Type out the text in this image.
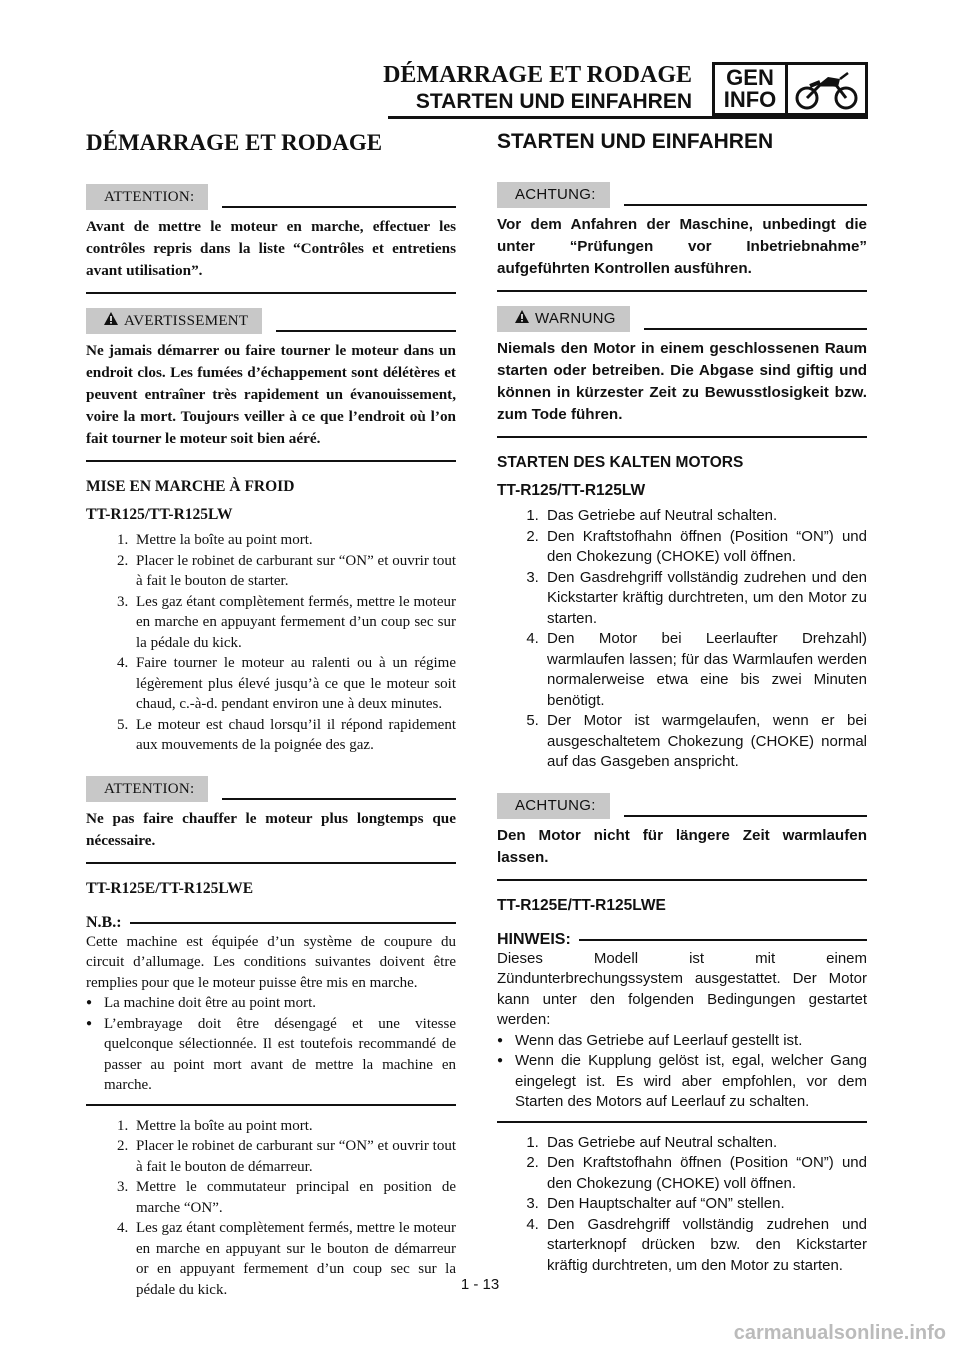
DÉMARRAGE ET RODAGE
STARTEN UND EINFAHREN
GEN
INFO
DÉMARRAGE ET RODAGE
ATTENTION:
Avant de mettre le moteur en marche, effectuer les contrôles repris dans la liste “Contrôles et entretiens avant utilisation”.
AVERTISSEMENT
Ne jamais démarrer ou faire tourner le moteur dans un endroit clos. Les fumées d’échappement sont délétères et peuvent entraîner très rapidement un évanouissement, voire la mort. Toujours veiller à ce que l’endroit où l’on fait tourner le moteur soit bien aéré.
MISE EN MARCHE À FROID
TT-R125/TT-R125LW
1. Mettre la boîte au point mort.
2. Placer le robinet de carburant sur “ON” et ouvrir tout à fait le bouton de starter.
3. Les gaz étant complètement fermés, mettre le moteur en marche en appuyant fermement d’un coup sec sur la pédale du kick.
4. Faire tourner le moteur au ralenti ou à un régime légèrement plus élevé jusqu’à ce que le moteur soit chaud, c.-à-d. pendant environ une à deux minutes.
5. Le moteur est chaud lorsqu’il il répond rapidement aux mouvements de la poignée des gaz.
ATTENTION:
Ne pas faire chauffer le moteur plus longtemps que nécessaire.
TT-R125E/TT-R125LWE
N.B.:
Cette machine est équipée d’un système de coupure du circuit d’allumage. Les conditions suivantes doivent être remplies pour que le moteur puisse être mis en marche.
● La machine doit être au point mort.
● L’embrayage doit être désengagé et une vitesse quelconque sélectionnée. Il est toutefois recommandé de passer au point mort avant de mettre la machine en marche.
1. Mettre la boîte au point mort.
2. Placer le robinet de carburant sur “ON” et ouvrir tout à fait le bouton de démarreur.
3. Mettre le commutateur principal en position de marche “ON”.
4. Les gaz étant complètement fermés, mettre le moteur en marche en appuyant sur le bouton de démarreur or en appuyant fermement d’un coup sec sur la pédale du kick.
STARTEN UND EINFAHREN
ACHTUNG:
Vor dem Anfahren der Maschine, unbedingt die unter “Prüfungen vor Inbetriebnahme” aufgeführten Kontrollen ausführen.
WARNUNG
Niemals den Motor in einem geschlossenen Raum starten oder betreiben. Die Abgase sind giftig und können in kürzester Zeit zu Bewusstlosigkeit bzw. zum Tode führen.
STARTEN DES KALTEN MOTORS
TT-R125/TT-R125LW
1. Das Getriebe auf Neutral schalten.
2. Den Kraftstofhahn öffnen (Position “ON”) und den Chokezung (CHOKE) voll öffnen.
3. Den Gasdrehgriff vollständig zudrehen und den Kickstarter kräftig durchtreten, um den Motor zu starten.
4. Den Motor bei Leerlaufter Drehzahl) warmlaufen lassen; für das Warmlaufen werden normalerweise etwa eine bis zwei Minuten benötigt.
5. Der Motor ist warmgelaufen, wenn er bei ausgeschaltetem Chokezung (CHOKE) normal auf das Gasgeben anspricht.
ACHTUNG:
Den Motor nicht für längere Zeit warmlaufen lassen.
TT-R125E/TT-R125LWE
HINWEIS:
Dieses Modell ist mit einem Zündunterbrechungssystem ausgestattet. Der Motor kann unter den folgenden Bedingungen gestartet werden:
● Wenn das Getriebe auf Leerlauf gestellt ist.
● Wenn die Kupplung gelöst ist, egal, welcher Gang eingelegt ist. Es wird aber empfohlen, vor dem Starten des Motors auf Leerlauf zu schalten.
1. Das Getriebe auf Neutral schalten.
2. Den Kraftstofhahn öffnen (Position “ON”) und den Chokezung (CHOKE) voll öffnen.
3. Den Hauptschalter auf “ON” stellen.
4. Den Gasdrehgriff vollständig zudrehen und starterknopf drücken bzw. den Kickstarter kräftig durchtreten, um den Motor zu starten.
1 - 13
carmanualsonline.info
